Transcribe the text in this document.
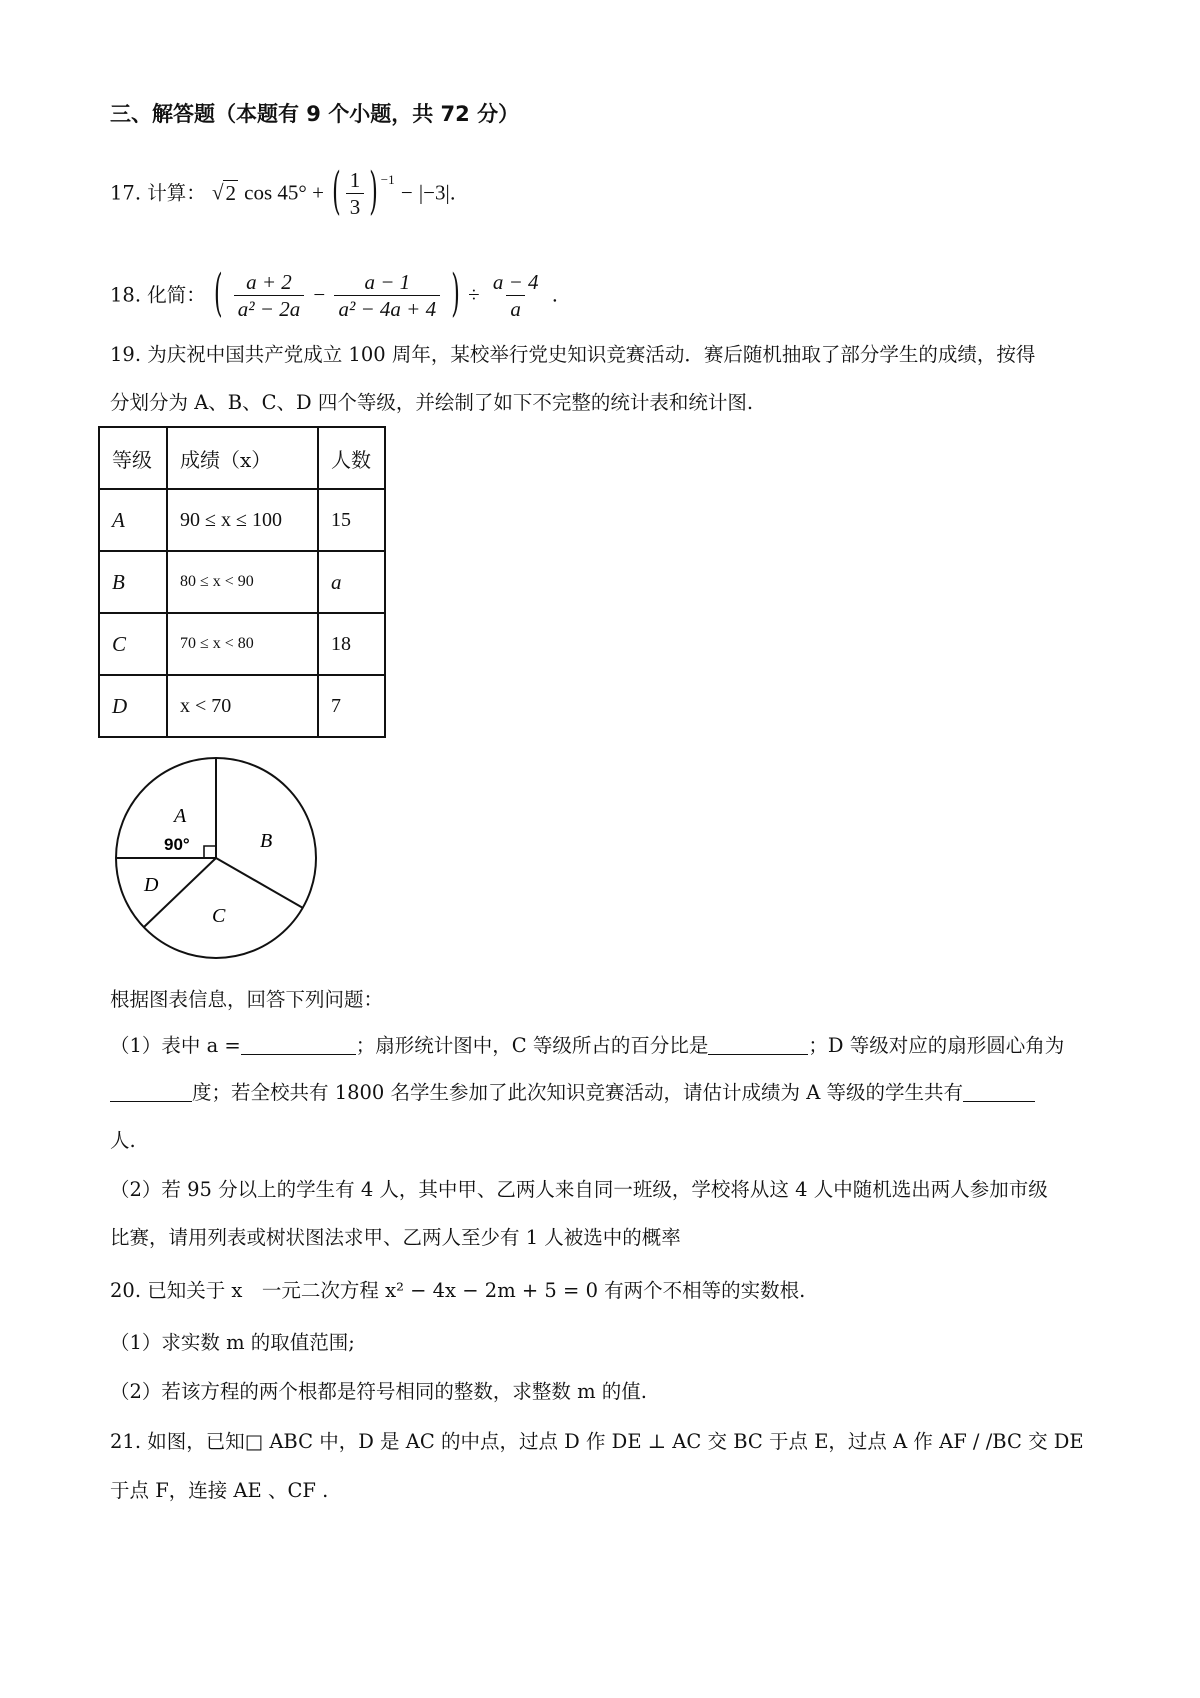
三、解答题（本题有 9 个小题，共 72 分）
17. 计算： √2 cos 45° + ( $\frac{1}{3}$ ) $^{-1}$ − |−3|.
18. 化简： ( $\frac{a + 2}{\text{a² − 2a}} - \frac{a - 1}{\text{a² − 4a + 4}}$ ) ÷ $\frac{a - 4}{a}$ .
19. 为庆祝中国共产党成立 100 周年，某校举行党史知识竞赛活动．赛后随机抽取了部分学生的成绩，按得
分划分为 A、B、C、D 四个等级，并绘制了如下不完整的统计表和统计图.
等级	成绩（x）	人数
A	90 ≤ x ≤ 100	15
B	80 ≤ x < 90	a
C	70 ≤ x < 80	18
D	x < 70	7
A
90°	B
C
D
根据图表信息，回答下列问题：
（1）表中 a =	；扇形统计图中，C 等级所占的百分比是	；D 等级对应的扇形圆心角为
度；若全校共有 1800 名学生参加了此次知识竞赛活动，请估计成绩为 A 等级的学生共有
人.
（2）若 95 分以上的学生有 4 人，其中甲、乙两人来自同一班级，学校将从这 4 人中随机选出两人参加市级
比赛，请用列表或树状图法求甲、乙两人至少有 1 人被选中的概率
20. 已知关于 x　一元二次方程 x² − 4x − 2m + 5 = 0 有两个不相等的实数根.
（1）求实数 m 的取值范围;
（2）若该方程的两个根都是符号相同的整数，求整数 m 的值.
21. 如图，已知□ ABC 中，D 是 AC 的中点，过点 D 作 DE ⊥ AC 交 BC 于点 E，过点 A 作 AF / /BC 交 DE
于点 F，连接 AE 、CF .
